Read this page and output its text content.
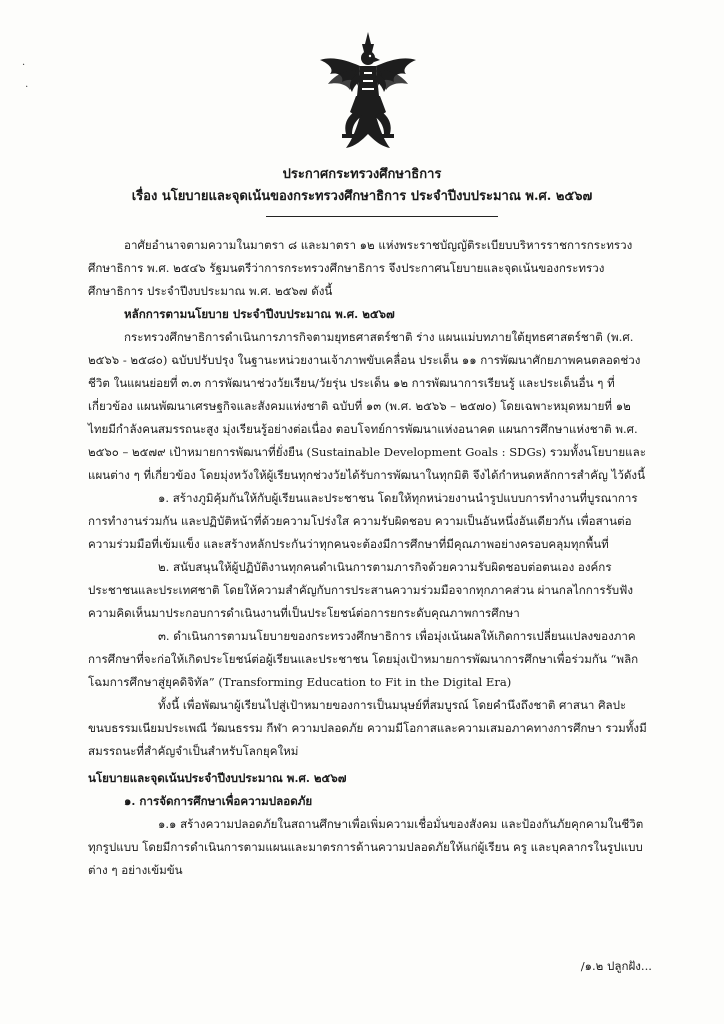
·

·
ประกาศกระทรวงศึกษาธิการ
เรื่อง นโยบายและจุดเน้นของกระทรวงศึกษาธิการ ประจำปีงบประมาณ พ.ศ. ๒๕๖๗

อาศัยอำนาจตามความในมาตรา ๘ และมาตรา ๑๒ แห่งพระราชบัญญัติระเบียบบริหารราชการกระทรวงศึกษาธิการ พ.ศ. ๒๕๔๖ รัฐมนตรีว่าการกระทรวงศึกษาธิการ จึงประกาศนโยบายและจุดเน้นของกระทรวงศึกษาธิการ ประจำปีงบประมาณ พ.ศ. ๒๕๖๗ ดังนี้

หลักการตามนโยบาย ประจำปีงบประมาณ พ.ศ. ๒๕๖๗

กระทรวงศึกษาธิการดำเนินการภารกิจตามยุทธศาสตร์ชาติ ร่าง แผนแม่บทภายใต้ยุทธศาสตร์ชาติ (พ.ศ. ๒๕๖๖ - ๒๕๘๐) ฉบับปรับปรุง ในฐานะหน่วยงานเจ้าภาพขับเคลื่อน ประเด็น ๑๑ การพัฒนาศักยภาพคนตลอดช่วงชีวิต ในแผนย่อยที่ ๓.๓ การพัฒนาช่วงวัยเรียน/วัยรุ่น ประเด็น ๑๒ การพัฒนาการเรียนรู้ และประเด็นอื่น ๆ ที่เกี่ยวข้อง แผนพัฒนาเศรษฐกิจและสังคมแห่งชาติ ฉบับที่ ๑๓ (พ.ศ. ๒๕๖๖ – ๒๕๗๐) โดยเฉพาะหมุดหมายที่ ๑๒ ไทยมีกำลังคนสมรรถนะสูง มุ่งเรียนรู้อย่างต่อเนื่อง ตอบโจทย์การพัฒนาแห่งอนาคต แผนการศึกษาแห่งชาติ พ.ศ. ๒๕๖๐ – ๒๕๗๙ เป้าหมายการพัฒนาที่ยั่งยืน (Sustainable Development Goals : SDGs) รวมทั้งนโยบายและแผนต่าง ๆ ที่เกี่ยวข้อง โดยมุ่งหวังให้ผู้เรียนทุกช่วงวัยได้รับการพัฒนาในทุกมิติ จึงได้กำหนดหลักการสำคัญ ไว้ดังนี้

๑. สร้างภูมิคุ้มกันให้กับผู้เรียนและประชาชน โดยให้ทุกหน่วยงานนำรูปแบบการทำงานที่บูรณาการการทำงานร่วมกัน และปฏิบัติหน้าที่ด้วยความโปร่งใส ความรับผิดชอบ ความเป็นอันหนึ่งอันเดียวกัน เพื่อสานต่อความร่วมมือที่เข้มแข็ง และสร้างหลักประกันว่าทุกคนจะต้องมีการศึกษาที่มีคุณภาพอย่างครอบคลุมทุกพื้นที่

๒. สนับสนุนให้ผู้ปฏิบัติงานทุกคนดำเนินการตามภารกิจด้วยความรับผิดชอบต่อตนเอง องค์กร ประชาชนและประเทศชาติ โดยให้ความสำคัญกับการประสานความร่วมมือจากทุกภาคส่วน ผ่านกลไกการรับฟังความคิดเห็นมาประกอบการดำเนินงานที่เป็นประโยชน์ต่อการยกระดับคุณภาพการศึกษา

๓. ดำเนินการตามนโยบายของกระทรวงศึกษาธิการ เพื่อมุ่งเน้นผลให้เกิดการเปลี่ยนแปลงของภาคการศึกษาที่จะก่อให้เกิดประโยชน์ต่อผู้เรียนและประชาชน โดยมุ่งเป้าหมายการพัฒนาการศึกษาเพื่อร่วมกัน “พลิกโฉมการศึกษาสู่ยุคดิจิทัล” (Transforming Education to Fit in the Digital Era)

ทั้งนี้ เพื่อพัฒนาผู้เรียนไปสู่เป้าหมายของการเป็นมนุษย์ที่สมบูรณ์ โดยคำนึงถึงชาติ ศาสนา ศิลปะ ขนบธรรมเนียมประเพณี วัฒนธรรม กีฬา ความปลอดภัย ความมีโอกาสและความเสมอภาคทางการศึกษา รวมทั้งมีสมรรถนะที่สำคัญจำเป็นสำหรับโลกยุคใหม่

นโยบายและจุดเน้นประจำปีงบประมาณ พ.ศ. ๒๕๖๗

๑. การจัดการศึกษาเพื่อความปลอดภัย

๑.๑ สร้างความปลอดภัยในสถานศึกษาเพื่อเพิ่มความเชื่อมั่นของสังคม และป้องกันภัยคุกคามในชีวิตทุกรูปแบบ โดยมีการดำเนินการตามแผนและมาตรการด้านความปลอดภัยให้แก่ผู้เรียน ครู และบุคลากรในรูปแบบต่าง ๆ อย่างเข้มข้น

/๑.๒ ปลูกฝัง...
